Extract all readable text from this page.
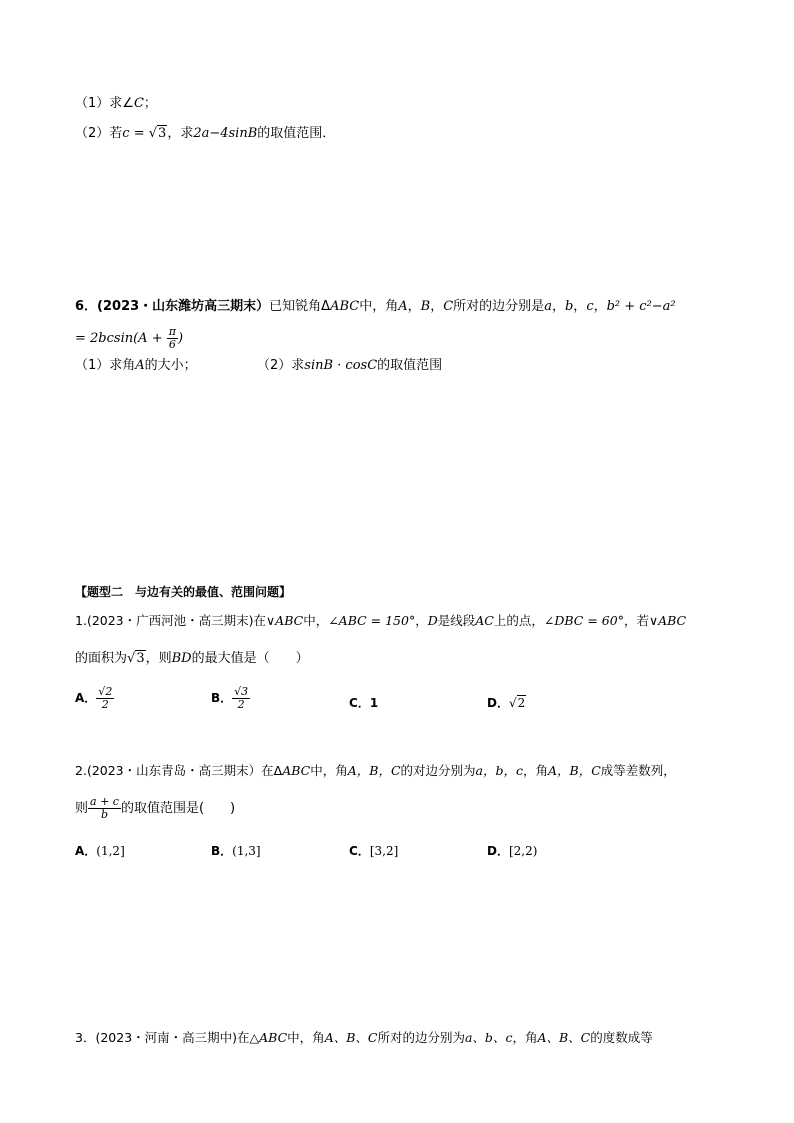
（1）求∠C；
（2）若c = √3，求2a−4sinB的取值范围．
6．(2023・山东潍坊高三期末）已知锐角ΔABC中，角A，B，C所对的边分别是a，b，c，b² + c²−a²
= $2bcsin(A + \frac{\pi}{6}$ )
（1）求角A的大小；	（2）求sinB · cosC的取值范围
【题型二　与边有关的最值、范围问题】
1.(2023・广西河池・高三期末)在∨ABC中，∠ABC = 150°，D是线段AC上的点，∠DBC = 60°，若∨ABC
的面积为√3，则BD的最大值是（　　）
A． $\frac{√2}{2}$	B． $\frac{√3}{2}$	C．1	D．√2
2.(2023・山东青岛・高三期末）在ΔABC中，角A，B，C的对边分别为a，b，c，角A，B，C成等差数列，
则 $\frac{a + c}{b}$ 的取值范围是(　　)
A．(1,2]	B．(1,3]	C．[3,2]	D．[2,2)
3．(2023・河南・高三期中)在△ABC中，角A、B、C所对的边分别为a、b、c，角A、B、C的度数成等
